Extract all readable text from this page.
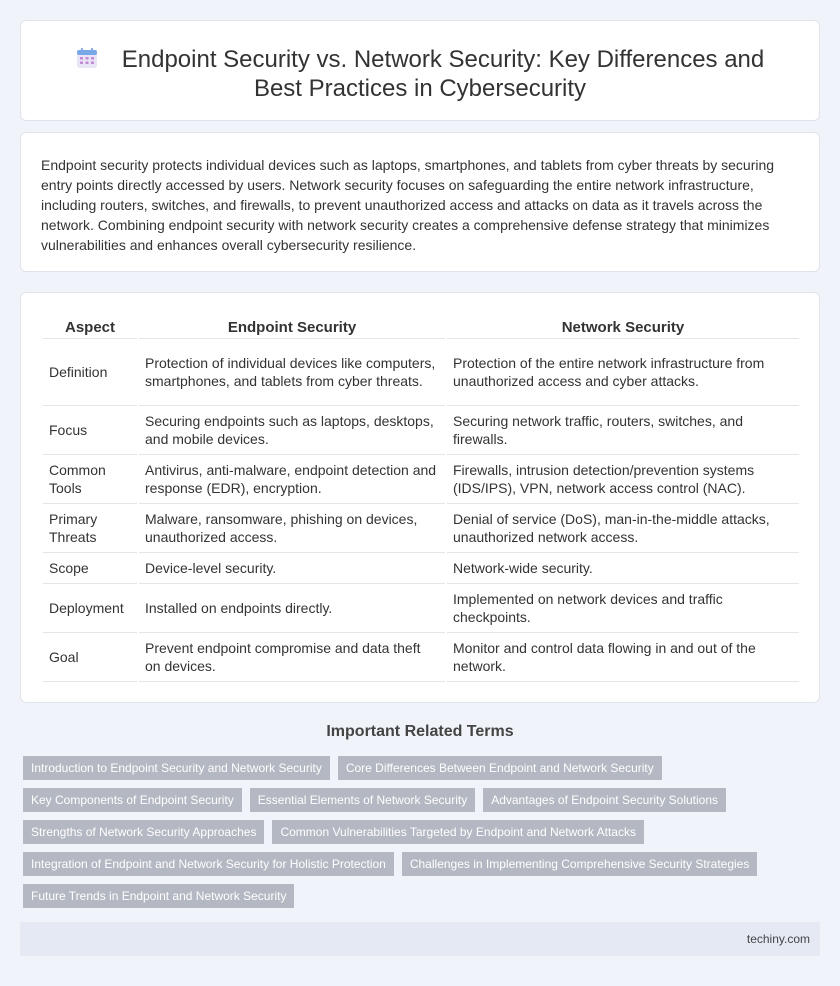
Endpoint Security vs. Network Security: Key Differences and Best Practices in Cybersecurity

Endpoint security protects individual devices such as laptops, smartphones, and tablets from cyber threats by securing entry points directly accessed by users. Network security focuses on safeguarding the entire network infrastructure, including routers, switches, and firewalls, to prevent unauthorized access and attacks on data as it travels across the network. Combining endpoint security with network security creates a comprehensive defense strategy that minimizes vulnerabilities and enhances overall cybersecurity resilience.

Aspect	Endpoint Security	Network Security
Definition	Protection of individual devices like computers, smartphones, and tablets from cyber threats.	Protection of the entire network infrastructure from unauthorized access and cyber attacks.
Focus	Securing endpoints such as laptops, desktops, and mobile devices.	Securing network traffic, routers, switches, and firewalls.
Common Tools	Antivirus, anti-malware, endpoint detection and response (EDR), encryption.	Firewalls, intrusion detection/prevention systems (IDS/IPS), VPN, network access control (NAC).
Primary Threats	Malware, ransomware, phishing on devices, unauthorized access.	Denial of service (DoS), man-in-the-middle attacks, unauthorized network access.
Scope	Device-level security.	Network-wide security.
Deployment	Installed on endpoints directly.	Implemented on network devices and traffic checkpoints.
Goal	Prevent endpoint compromise and data theft on devices.	Monitor and control data flowing in and out of the network.
Important Related Terms
Introduction to Endpoint Security and Network Security	Core Differences Between Endpoint and Network Security
Key Components of Endpoint Security	Essential Elements of Network Security	Advantages of Endpoint Security Solutions
Strengths of Network Security Approaches	Common Vulnerabilities Targeted by Endpoint and Network Attacks
Integration of Endpoint and Network Security for Holistic Protection	Challenges in Implementing Comprehensive Security Strategies
Future Trends in Endpoint and Network Security
techiny.com
